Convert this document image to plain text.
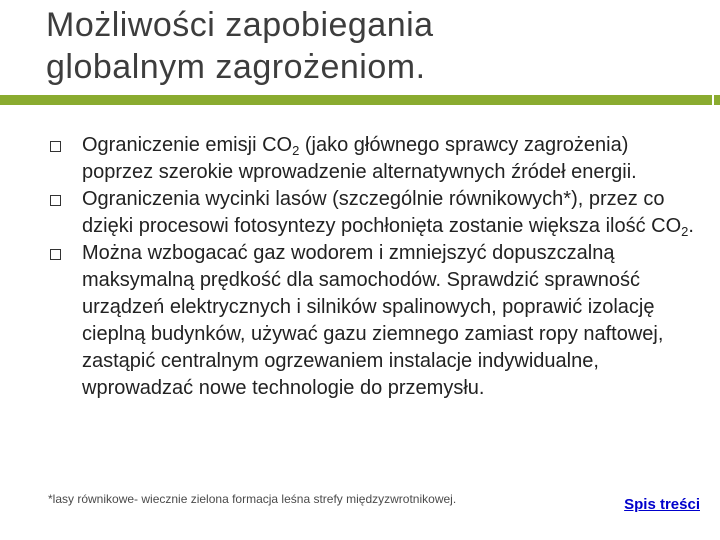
Możliwości zapobiegania
globalnym zagrożeniom.
Ograniczenie emisji $CO_2$ (jako głównego sprawcy zagrożenia) poprzez szerokie wprowadzenie alternatywnych źródeł energii.
Ograniczenia wycinki lasów (szczególnie równikowych*), przez co dzięki procesowi fotosyntezy pochłonięta zostanie większa ilość $CO_2$.
Można wzbogacać gaz wodorem i zmniejszyć dopuszczalną maksymalną prędkość dla samochodów. Sprawdzić sprawność urządzeń elektrycznych i silników spalinowych, poprawić izolację cieplną budynków, używać gazu ziemnego zamiast ropy naftowej, zastąpić centralnym ogrzewaniem instalacje indywidualne, wprowadzać nowe technologie do przemysłu.
*lasy równikowe- wiecznie zielona formacja leśna strefy międzyzwrotnikowej.	Spis treści
